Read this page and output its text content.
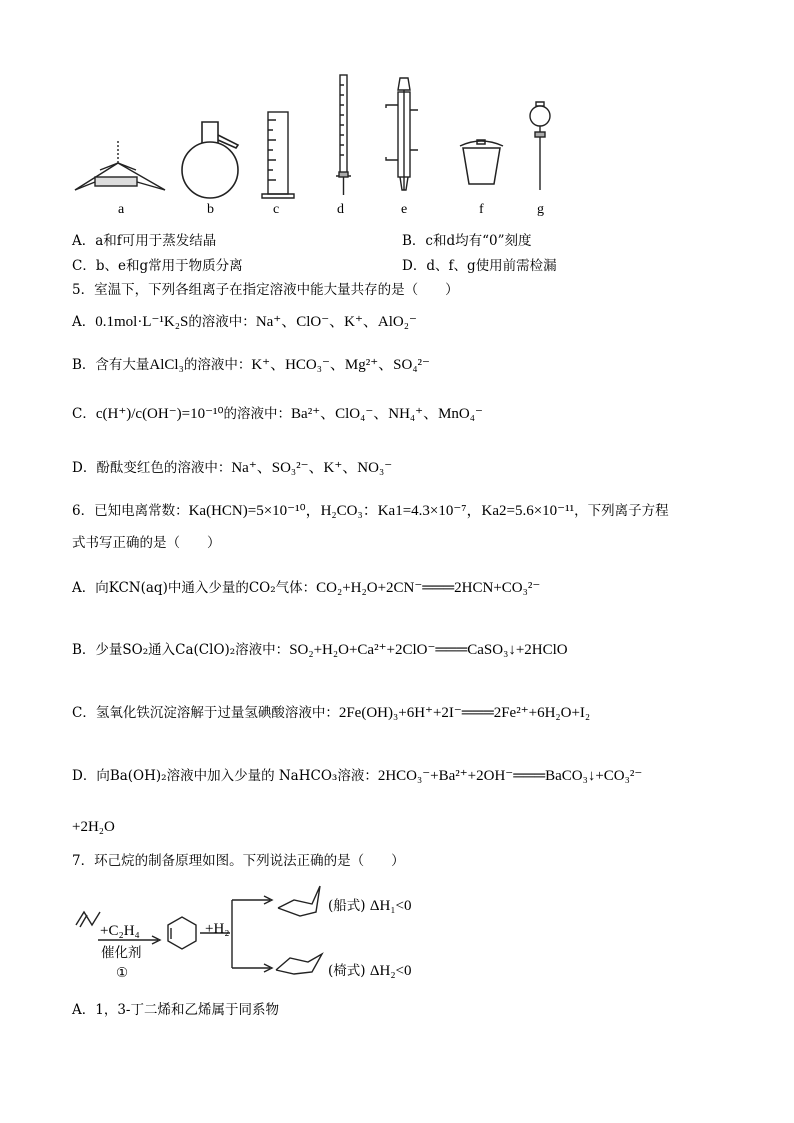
a	b	c	d	e	f	g
A．a和f可用于蒸发结晶	B．c和d均有“0”刻度
C．b、e和g常用于物质分离	D．d、f、g使用前需检漏
5．室温下，下列各组离子在指定溶液中能大量共存的是（　　）
A．0.1mol·L⁻¹K₂S的溶液中：Na⁺、ClO⁻、K⁺、AlO₂⁻
B．含有大量AlCl₃的溶液中：K⁺、HCO₃⁻、Mg²⁺、SO₄²⁻
C．c(H⁺)/c(OH⁻)=10⁻¹⁰的溶液中：Ba²⁺、ClO₄⁻、NH₄⁺、MnO₄⁻
D．酚酞变红色的溶液中：Na⁺、SO₃²⁻、K⁺、NO₃⁻
6．已知电离常数：Ka(HCN)=5×10⁻¹⁰，H₂CO₃：Ka1=4.3×10⁻⁷，Ka2=5.6×10⁻¹¹，下列离子方程
式书写正确的是（　　）
A．向KCN(aq)中通入少量的CO₂气体：CO₂+H₂O+2CN⁻═══2HCN+CO₃²⁻
B．少量SO₂通入Ca(ClO)₂溶液中：SO₂+H₂O+Ca²⁺+2ClO⁻═══CaSO₃↓+2HClO
C．氢氧化铁沉淀溶解于过量氢碘酸溶液中：2Fe(OH)₃+6H⁺+2I⁻═══2Fe²⁺+6H₂O+I₂
D．向Ba(OH)₂溶液中加入少量的 NaHCO₃溶液：2HCO₃⁻+Ba²⁺+2OH⁻═══BaCO₃↓+CO₃²⁻
+2H₂O
7．环己烷的制备原理如图。下列说法正确的是（　　）
+C₂H₄
催化剂
①
+H₂
(船式) ΔH₁<0
(椅式) ΔH₂<0
A．1，3-丁二烯和乙烯属于同系物
